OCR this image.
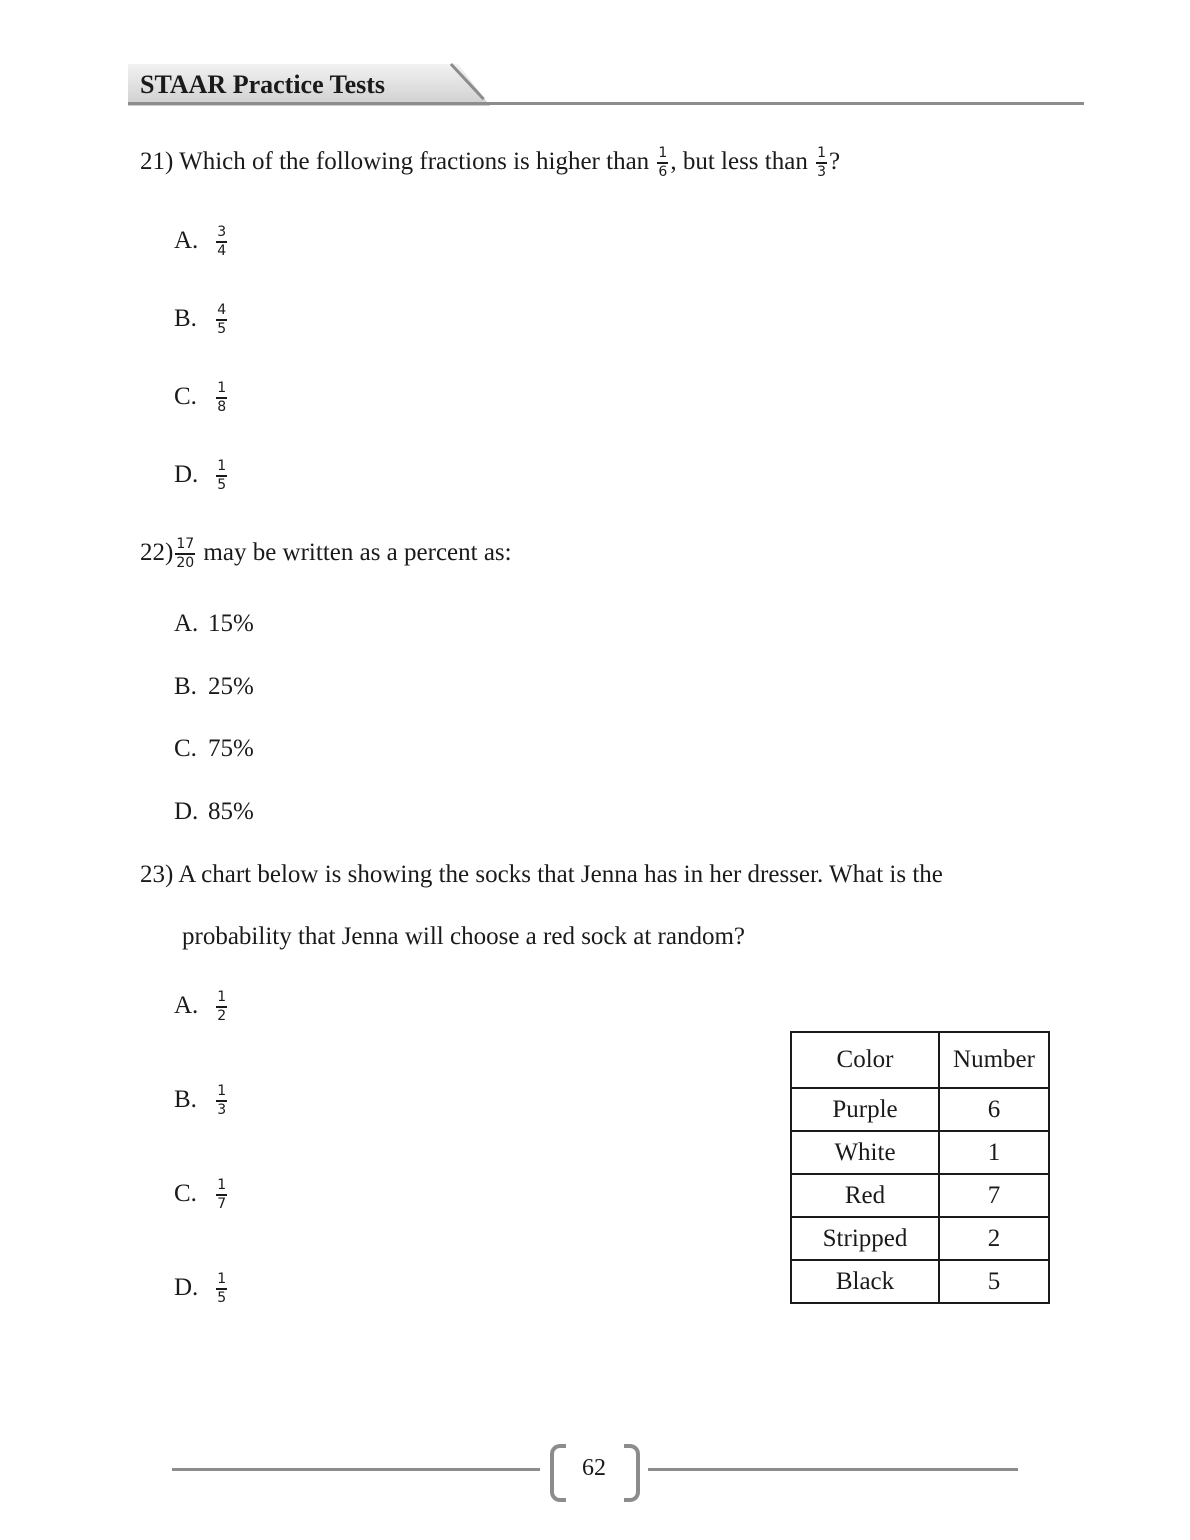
STAAR Practice Tests
21) Which of the following fractions is higher than $\frac{1}{6}$ , but less than $\frac{1}{3}$ ?
A. $\frac{3}{4}$
B. $\frac{4}{5}$
C. $\frac{1}{8}$
D. $\frac{1}{5}$
$22) \frac{17}{20}$ may be written as a percent as:
A. 15%
B. 25%
C. 75%
D. 85%
23) A chart below is showing the socks that Jenna has in her dresser. What is the
probability that Jenna will choose a red sock at random?
A. $\frac{1}{2}$
B. $\frac{1}{3}$
C. $\frac{1}{7}$
D. $\frac{1}{5}$
Color	Number
Purple	6
White	1
Red	7
Stripped	2
Black	5
62
